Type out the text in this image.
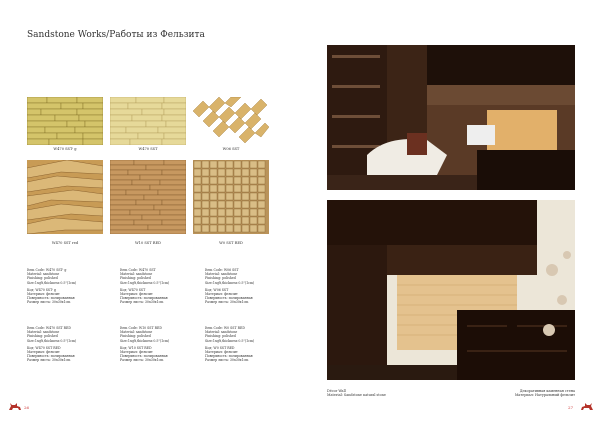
Sandstone Works/Работы из Фельзита
W470 SST- g	W470 SST	W06 SST
W470 SST red	W10 SST RED	W0 SST RED
Item Code: W470 SST- g
Material: sandstone
Finishing: polished
Size:1sqft,thickness:0.5"(1cm)
Код: W470 SST- g
Материал: фельзит
Поверхность: полированная
Размер листа: 30x30x1cm
Item Code: W470 SST
Material: sandstone
Finishing: polished
Size:1sqft,thickness:0.5"(1cm)
Код: W470 SST
Материал: фельзит
Поверхность: полированная
Размер листа: 30x30x1cm
Item Code: W06 SST
Material: sandstone
Finishing: polished
Size:1sqft,thickness:0.5"(1cm)
Код: W06 SST
Материал: фельзит
Поверхность: полированная
Размер листа: 30x30x1cm
Item Code: W470 SST RED
Material: sandstone
Finishing: polished
Size:1sqft,thickness:0.5"(1cm)
Код: W470 SST RED
Материал: фельзит
Поверхность: полированная
Размер листа: 30x30x1cm
Item Code: W10 SST RED
Material: sandstone
Finishing: polished
Size:1sqft,thickness:0.5"(1cm)
Код: W10 SST RED
Материал: фельзит
Поверхность: полированная
Размер листа: 30x30x1cm
Item Code: W0 SST RED
Material: sandstone
Finishing: polished
Size:1sqft,thickness:0.5"(1cm)
Код: W0 SST RED
Материал: фельзит
Поверхность: полированная
Размер листа: 30x30x1cm
26
Décor Wall
Material: Sandstone natural stone
Декоративная каменная стена
Материал: Натуральный фельзит
27
